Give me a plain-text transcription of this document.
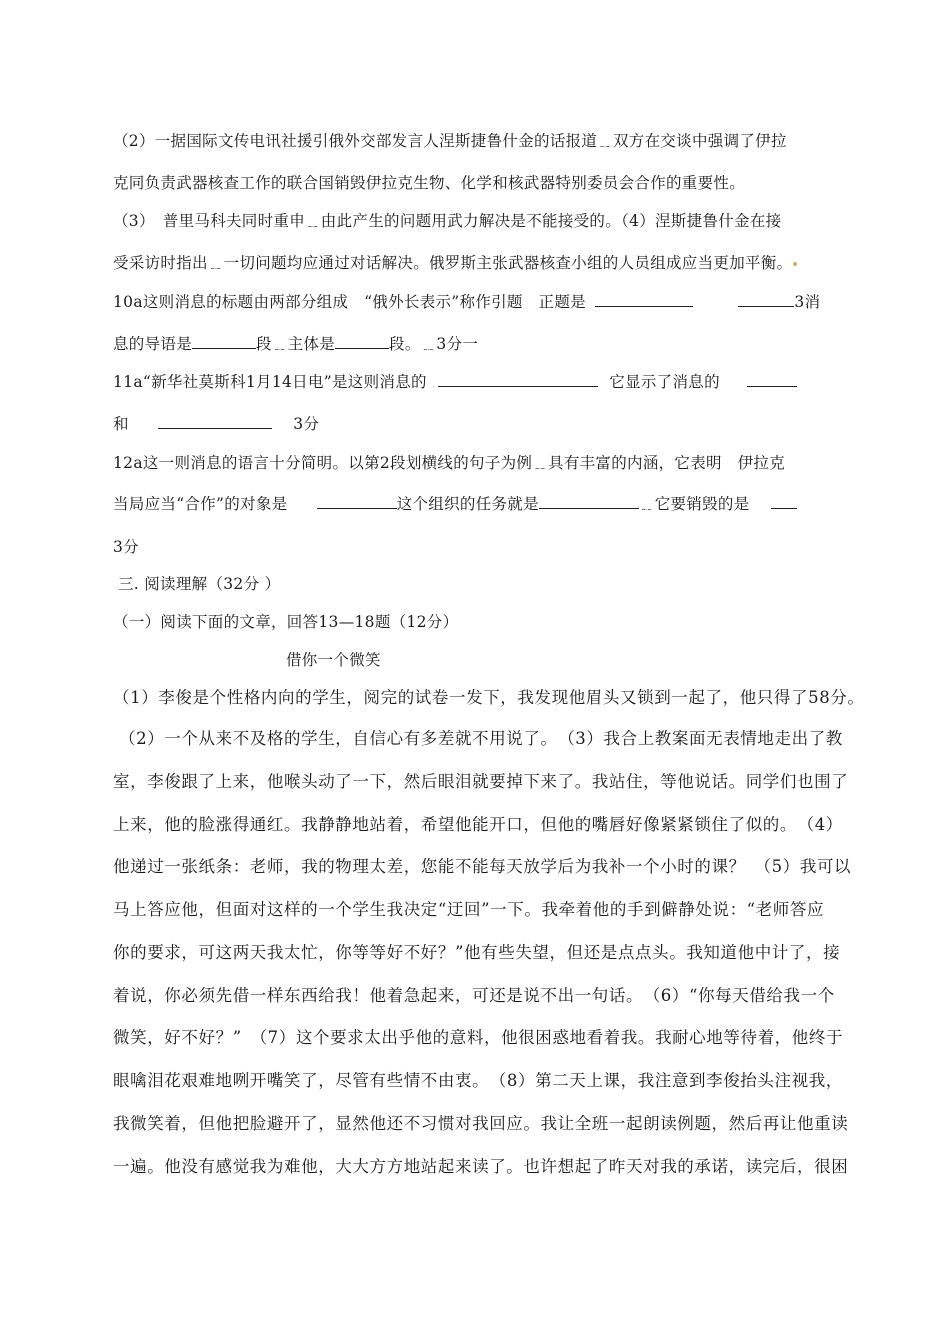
（2）一据国际文传电讯社援引俄外交部发言人涅斯捷鲁什金的话报道﹎双方在交谈中强调了伊拉
克同负责武器核查工作的联合国销毁伊拉克生物、化学和核武器特别委员会合作的重要性。
（3）　普里马科夫同时重申﹎由此产生的问题用武力解决是不能接受的。（4）涅斯捷鲁什金在接
受采访时指出﹎一切问题均应通过对话解决。俄罗斯主张武器核查小组的人员组成应当更加平衡。
10a这则消息的标题由两部分组成　“俄外长表示”称作引题　正题是	3消
息的导语是	段﹎主体是	段。﹎3分一
11a“新华社莫斯科1月14日电”是这则消息的	它显示了消息的
和	3分
12a这一则消息的语言十分简明。以第2段划横线的句子为例﹎具有丰富的内涵，它表明　伊拉克
当局应当“合作”的对象是	这个组织的任务就是	﹎它要销毁的是
3分
三. 阅读理解（32分 ）
（一）阅读下面的文章，回答13—18题（12分）
借你一个微笑
（1）李俊是个性格内向的学生，阅完的试卷一发下，我发现他眉头又锁到一起了，他只得了58分。
（2）一个从来不及格的学生，自信心有多差就不用说了。　（3）我合上教案面无表情地走出了教
室，李俊跟了上来，他喉头动了一下，然后眼泪就要掉下来了。我站住，等他说话。同学们也围了
上来，他的脸涨得通红。我静静地站着，希望他能开口，但他的嘴唇好像紧紧锁住了似的。　（4）
他递过一张纸条：老师，我的物理太差，您能不能每天放学后为我补一个小时的课？　（5）我可以
马上答应他，但面对这样的一个学生我决定“迂回”一下。我牵着他的手到僻静处说：“老师答应
你的要求，可这两天我太忙，你等等好不好？”他有些失望，但还是点点头。我知道他中计了，接
着说，你必须先借一样东西给我！他着急起来，可还是说不出一句话。　（6）“你每天借给我一个
微笑，好不好？”　（7）这个要求太出乎他的意料，他很困惑地看着我。我耐心地等待着，他终于
眼噙泪花艰难地咧开嘴笑了，尽管有些情不由衷。　（8）第二天上课，我注意到李俊抬头注视我，
我微笑着，但他把脸避开了，显然他还不习惯对我回应。我让全班一起朗读例题，然后再让他重读
一遍。他没有感觉我为难他，大大方方地站起来读了。也许想起了昨天对我的承诺，读完后，很困
